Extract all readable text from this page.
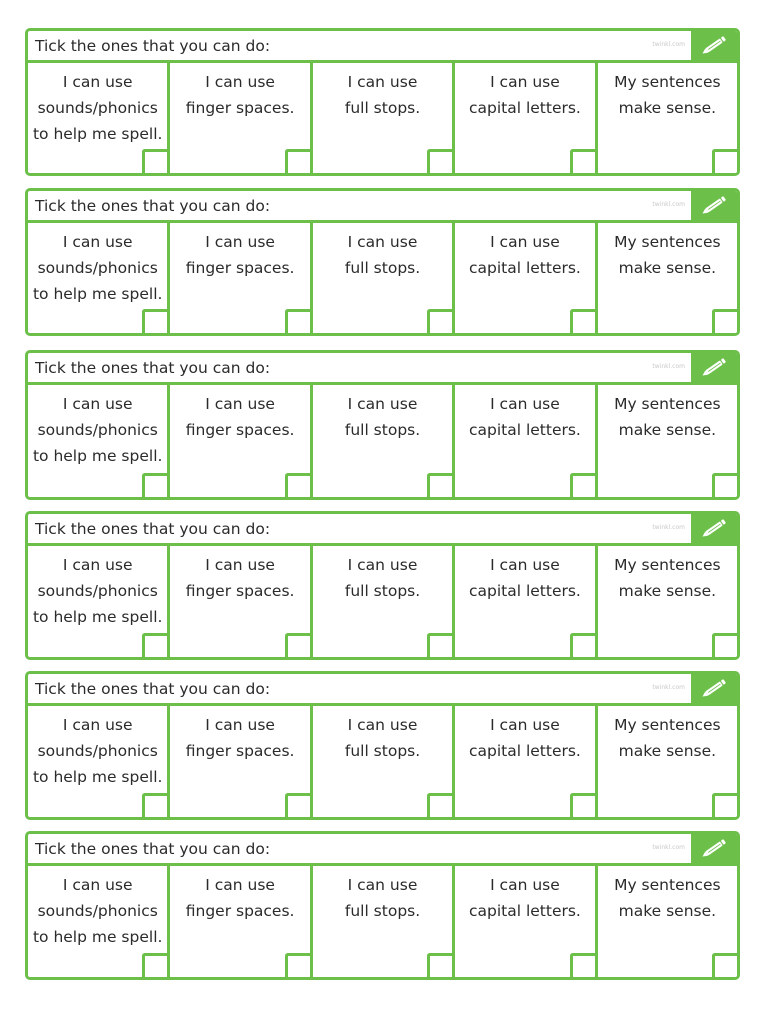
Tick the ones that you can do:	twinkl.com
I can use
sounds/phonics
to help me spell.
I can use
finger spaces.
I can use
full stops.
I can use
capital letters.
My sentences
make sense.
Tick the ones that you can do:	twinkl.com
I can use
sounds/phonics
to help me spell.
I can use
finger spaces.
I can use
full stops.
I can use
capital letters.
My sentences
make sense.
Tick the ones that you can do:	twinkl.com
I can use
sounds/phonics
to help me spell.
I can use
finger spaces.
I can use
full stops.
I can use
capital letters.
My sentences
make sense.
Tick the ones that you can do:	twinkl.com
I can use
sounds/phonics
to help me spell.
I can use
finger spaces.
I can use
full stops.
I can use
capital letters.
My sentences
make sense.
Tick the ones that you can do:	twinkl.com
I can use
sounds/phonics
to help me spell.
I can use
finger spaces.
I can use
full stops.
I can use
capital letters.
My sentences
make sense.
Tick the ones that you can do:	twinkl.com
I can use
sounds/phonics
to help me spell.
I can use
finger spaces.
I can use
full stops.
I can use
capital letters.
My sentences
make sense.
